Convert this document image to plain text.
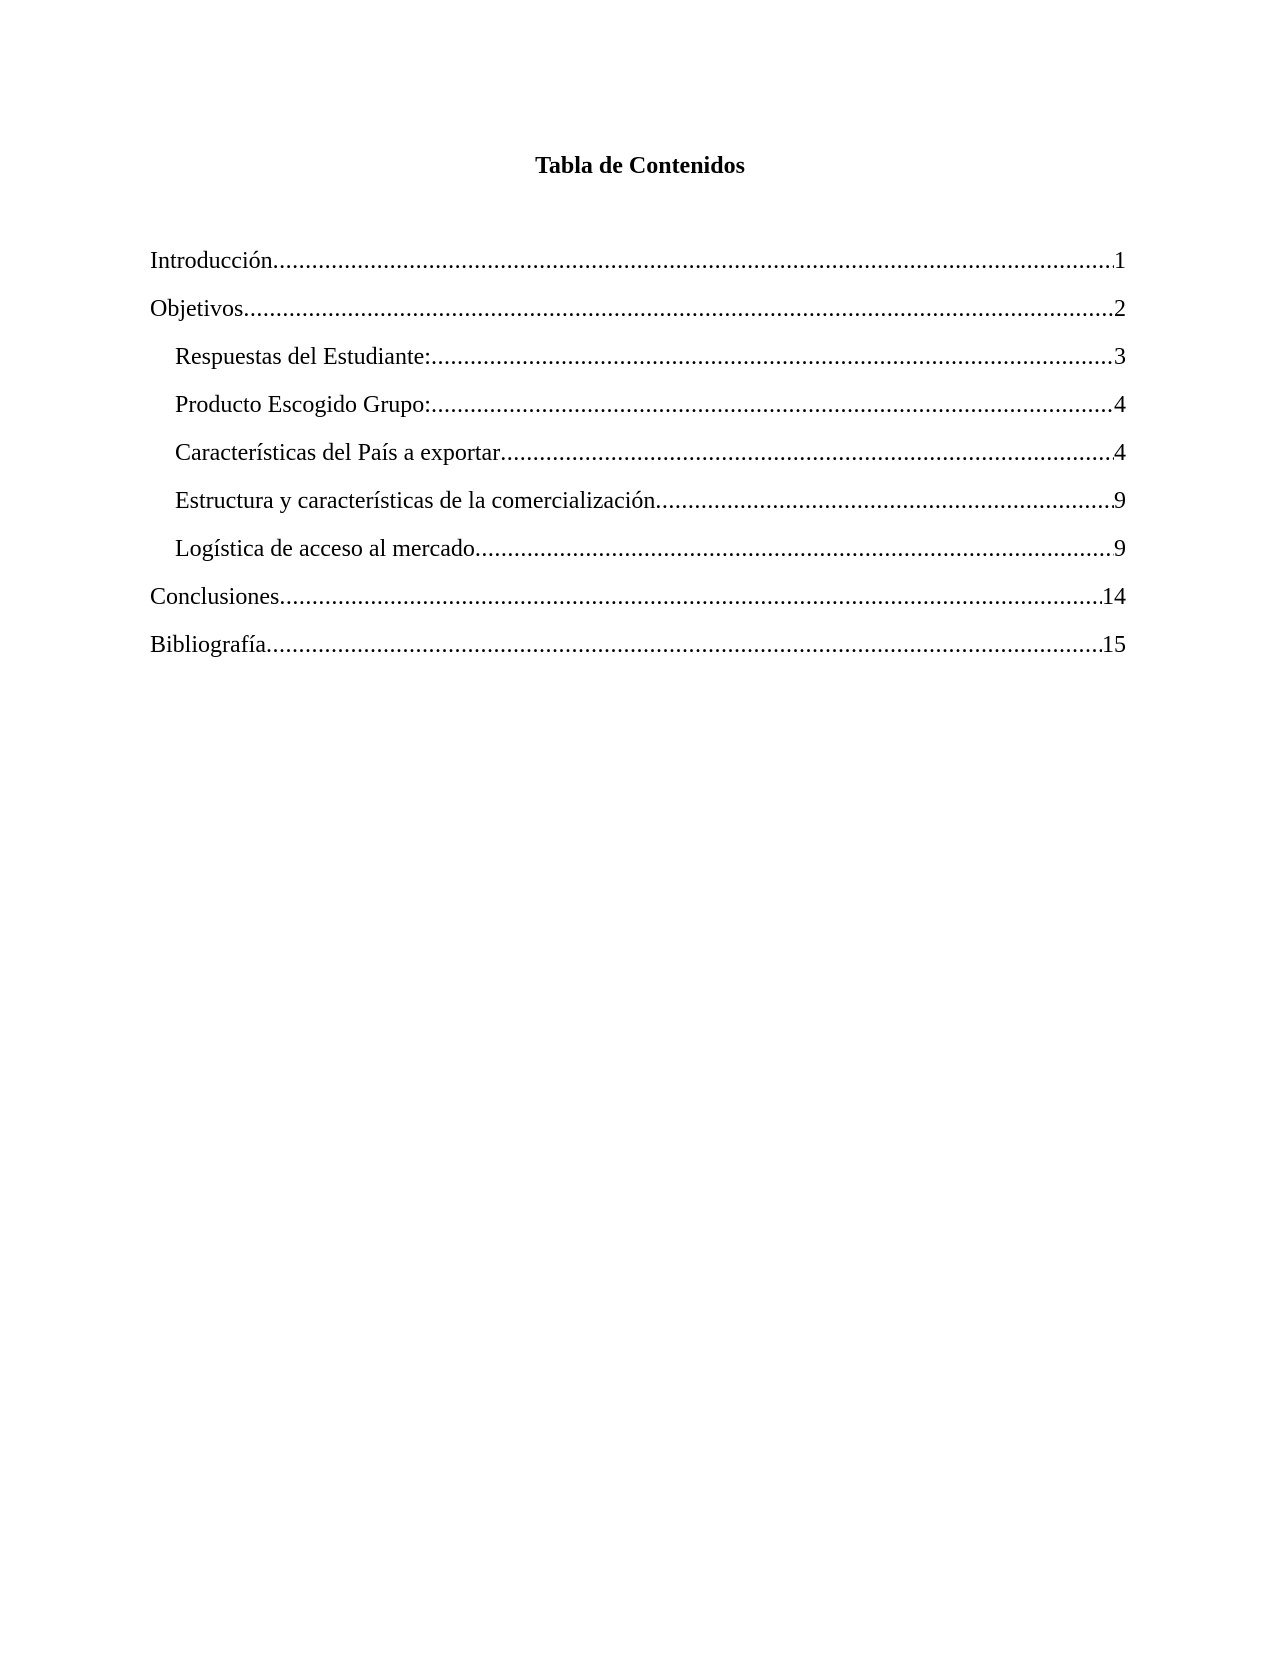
Tabla de Contenidos
Introducción .....	1
Objetivos .....	2
Respuestas del Estudiante: .....	3
Producto Escogido Grupo: .....	4
Características del País a exportar .....	4
Estructura y características de la comercialización .....	9
Logística de acceso al mercado .....	9
Conclusiones .....	14
Bibliografía .....	15
